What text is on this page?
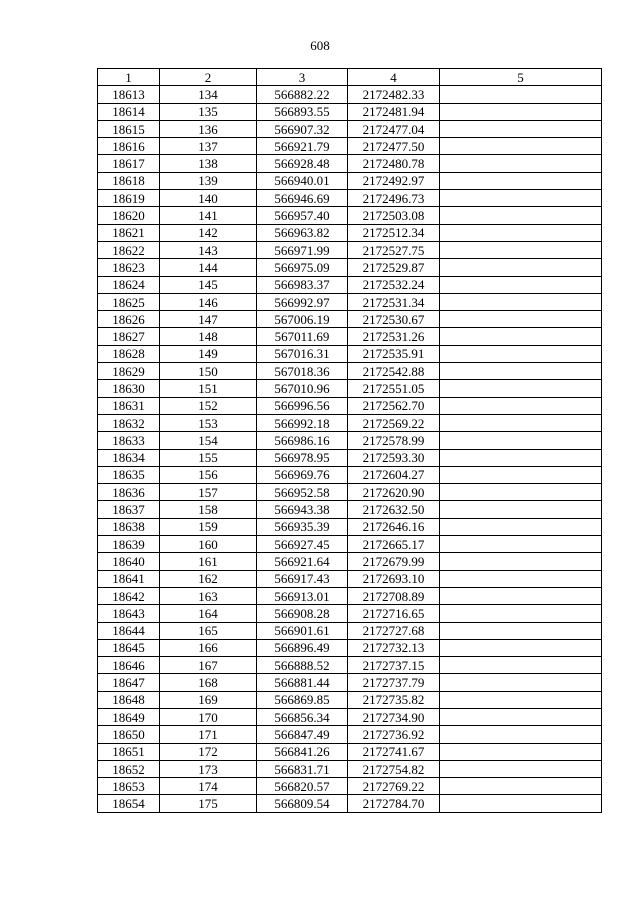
608
1	2	3	4	5
18613	134	566882.22	2172482.33	
18614	135	566893.55	2172481.94	
18615	136	566907.32	2172477.04	
18616	137	566921.79	2172477.50	
18617	138	566928.48	2172480.78	
18618	139	566940.01	2172492.97	
18619	140	566946.69	2172496.73	
18620	141	566957.40	2172503.08	
18621	142	566963.82	2172512.34	
18622	143	566971.99	2172527.75	
18623	144	566975.09	2172529.87	
18624	145	566983.37	2172532.24	
18625	146	566992.97	2172531.34	
18626	147	567006.19	2172530.67	
18627	148	567011.69	2172531.26	
18628	149	567016.31	2172535.91	
18629	150	567018.36	2172542.88	
18630	151	567010.96	2172551.05	
18631	152	566996.56	2172562.70	
18632	153	566992.18	2172569.22	
18633	154	566986.16	2172578.99	
18634	155	566978.95	2172593.30	
18635	156	566969.76	2172604.27	
18636	157	566952.58	2172620.90	
18637	158	566943.38	2172632.50	
18638	159	566935.39	2172646.16	
18639	160	566927.45	2172665.17	
18640	161	566921.64	2172679.99	
18641	162	566917.43	2172693.10	
18642	163	566913.01	2172708.89	
18643	164	566908.28	2172716.65	
18644	165	566901.61	2172727.68	
18645	166	566896.49	2172732.13	
18646	167	566888.52	2172737.15	
18647	168	566881.44	2172737.79	
18648	169	566869.85	2172735.82	
18649	170	566856.34	2172734.90	
18650	171	566847.49	2172736.92	
18651	172	566841.26	2172741.67	
18652	173	566831.71	2172754.82	
18653	174	566820.57	2172769.22	
18654	175	566809.54	2172784.70	
